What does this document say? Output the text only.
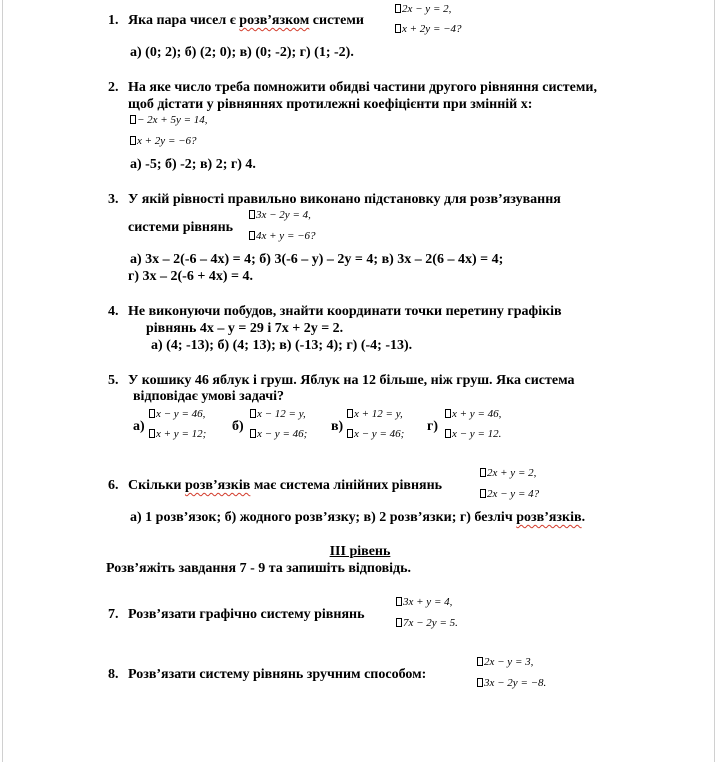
1. Яка пара чисел є розв’язком системи
2x − y = 2,
x + 2y = −4?
а) (0; 2); б) (2; 0); в) (0; -2); г) (1; -2).
2. На яке число треба помножити обидві частини другого рівняння системи,
щоб дістати у рівняннях протилежні коефіцієнти при змінній х:
− 2x + 5y = 14,
x + 2y = −6?
а) -5; б) -2; в) 2; г) 4.
3. У якій рівності правильно виконано підстановку для розв’язування
системи рівнянь
3x − 2y = 4,
4x + y = −6?
а) 3х – 2(-6 – 4х) = 4; б) 3(-6 – у) – 2у = 4; в) 3х – 2(6 – 4х) = 4;
г) 3х – 2(-6 + 4х) = 4.
4. Не виконуючи побудов, знайти координати точки перетину графіків
рівнянь 4х – у = 29 і 7х + 2у = 2.
а) (4; -13); б) (4; 13); в) (-13; 4); г) (-4; -13).
5. У кошику 46 яблук і груш. Яблук на 12 більше, ніж груш. Яка система
відповідає умові задачі?
а)
x − y = 46,
x + y = 12; б)
x − 12 = y,
x − y = 46; в)
x + 12 = y,
x − y = 46; г)
x + y = 46,
x − y = 12.
6. Скільки розв’язків має система лінійних рівнянь
2x + y = 2,
2x − y = 4?
а) 1 розв’язок; б) жодного розв’язку; в) 2 розв’язки; г) безліч розв’язків.
ІІІ рівень
Розв’яжіть завдання 7 - 9 та запишіть відповідь.
7. Розв’язати графічно систему рівнянь
3x + y = 4,
7x − 2y = 5.
8. Розв’язати систему рівнянь зручним способом:
2x − y = 3,
3x − 2y = −8.
